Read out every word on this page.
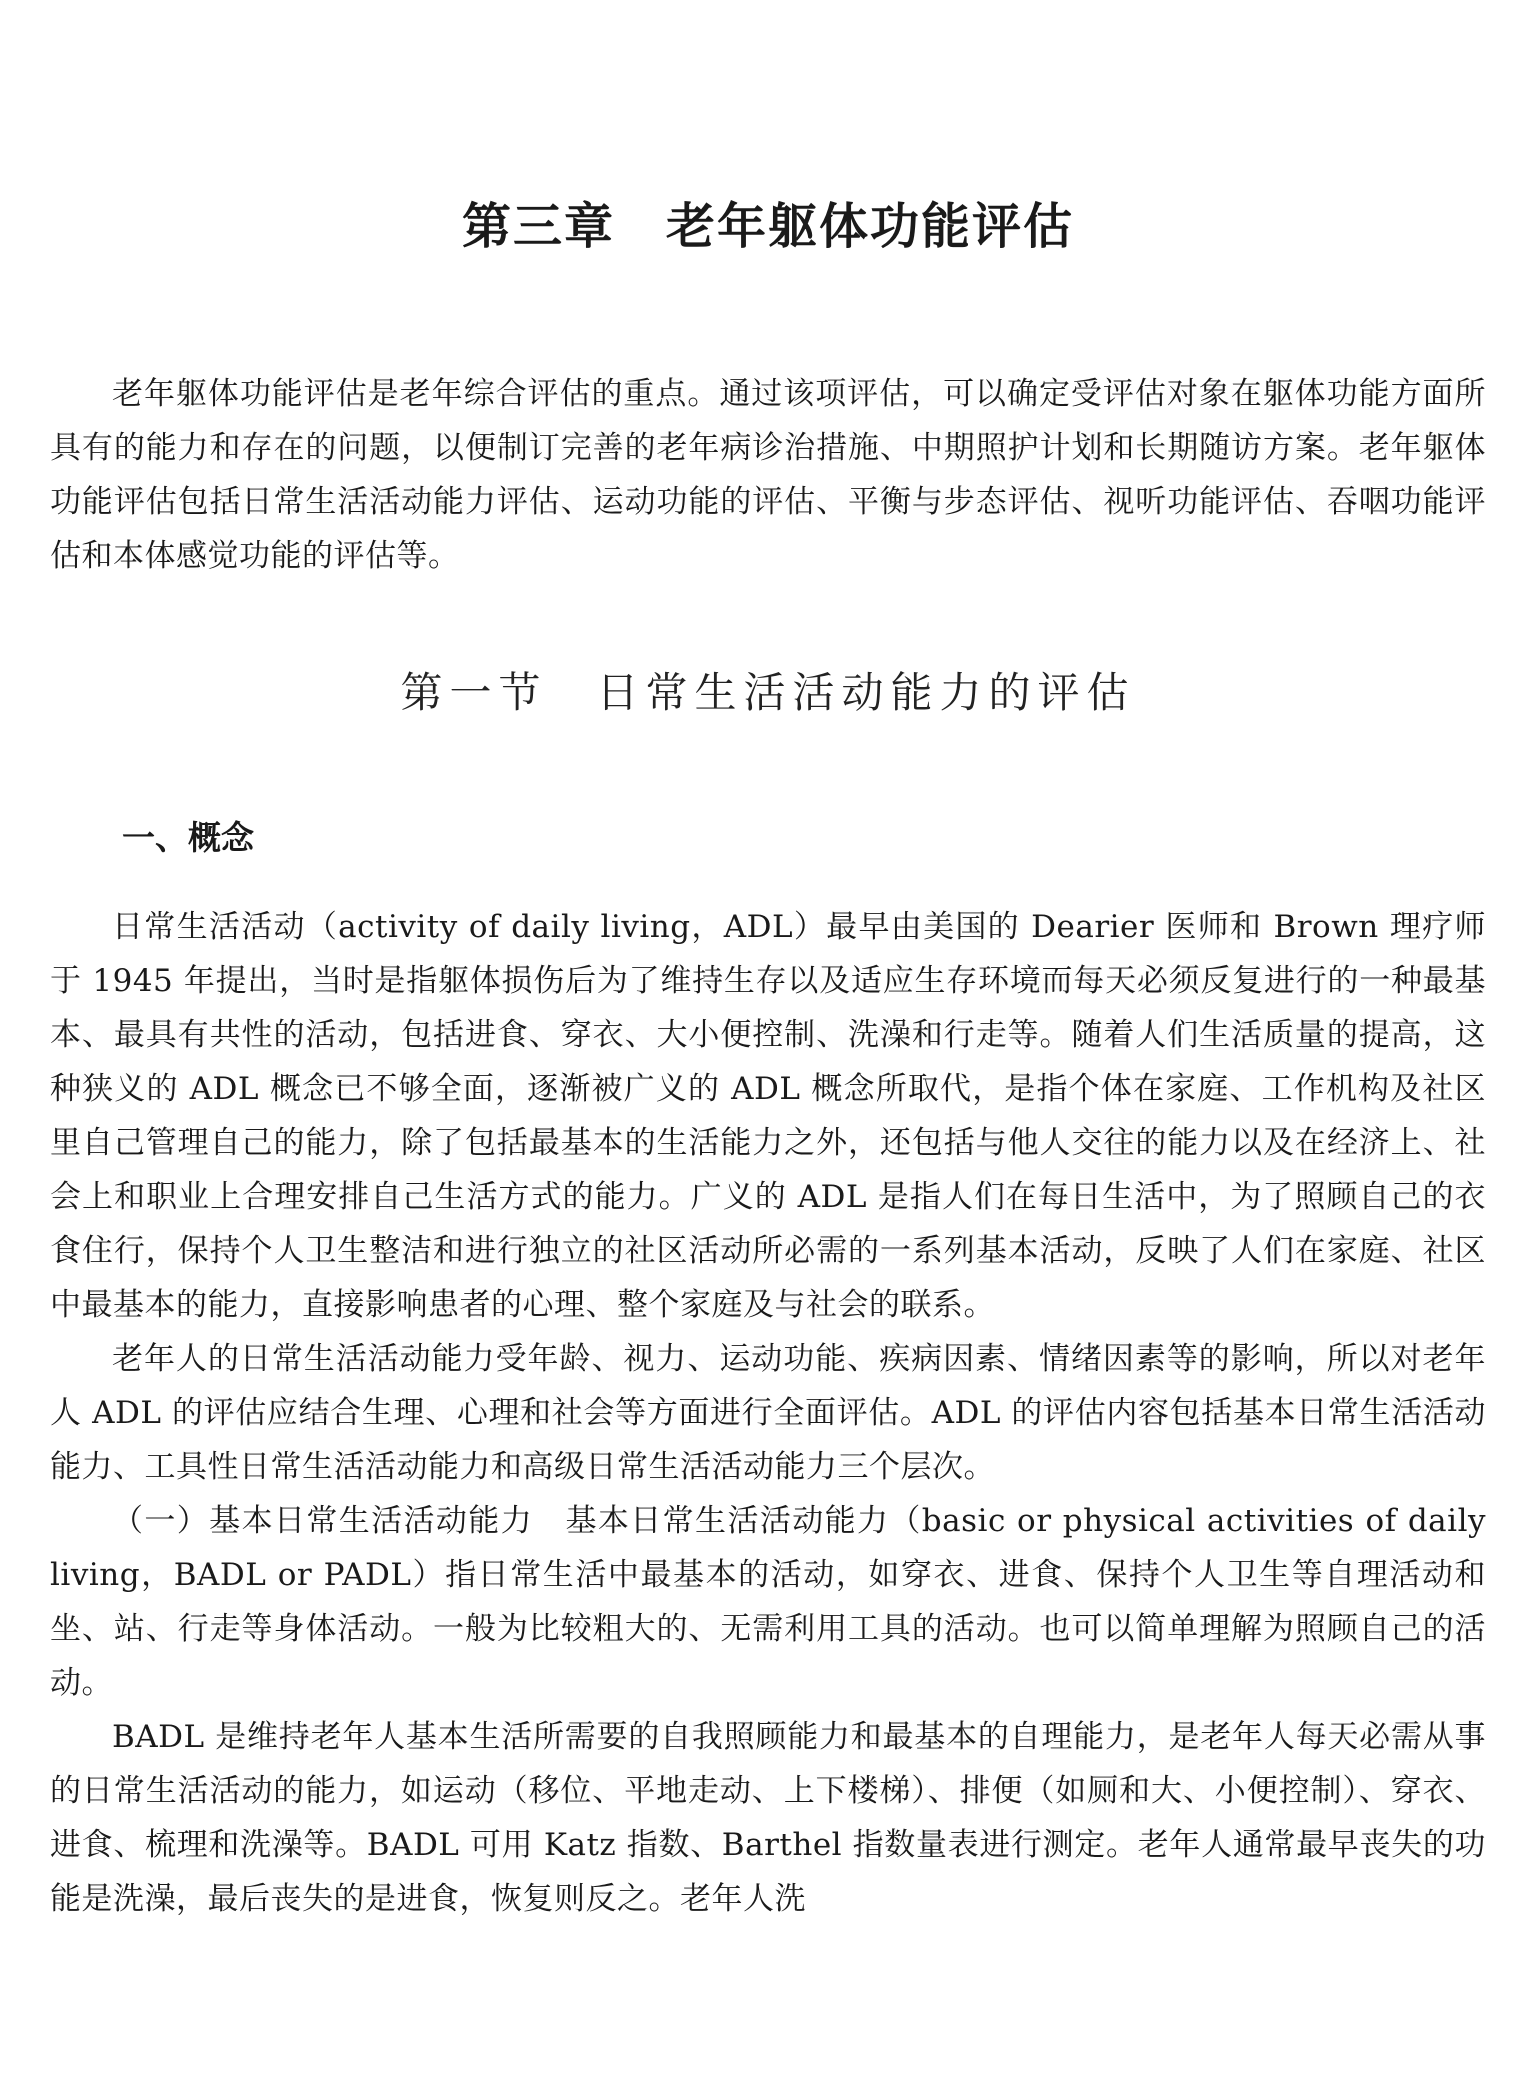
第三章　老年躯体功能评估

老年躯体功能评估是老年综合评估的重点。通过该项评估，可以确定受评估对象在躯体功能方面所具有的能力和存在的问题，以便制订完善的老年病诊治措施、中期照护计划和长期随访方案。老年躯体功能评估包括日常生活活动能力评估、运动功能的评估、平衡与步态评估、视听功能评估、吞咽功能评估和本体感觉功能的评估等。

第一节　日常生活活动能力的评估
一、概念

日常生活活动（activity of daily living，ADL）最早由美国的 Dearier 医师和 Brown 理疗师于 1945 年提出，当时是指躯体损伤后为了维持生存以及适应生存环境而每天必须反复进行的一种最基本、最具有共性的活动，包括进食、穿衣、大小便控制、洗澡和行走等。随着人们生活质量的提高，这种狭义的 ADL 概念已不够全面，逐渐被广义的 ADL 概念所取代，是指个体在家庭、工作机构及社区里自己管理自己的能力，除了包括最基本的生活能力之外，还包括与他人交往的能力以及在经济上、社会上和职业上合理安排自己生活方式的能力。广义的 ADL 是指人们在每日生活中，为了照顾自己的衣食住行，保持个人卫生整洁和进行独立的社区活动所必需的一系列基本活动，反映了人们在家庭、社区中最基本的能力，直接影响患者的心理、整个家庭及与社会的联系。

老年人的日常生活活动能力受年龄、视力、运动功能、疾病因素、情绪因素等的影响，所以对老年人 ADL 的评估应结合生理、心理和社会等方面进行全面评估。ADL 的评估内容包括基本日常生活活动能力、工具性日常生活活动能力和高级日常生活活动能力三个层次。

（一）基本日常生活活动能力　基本日常生活活动能力（basic or physical activities of daily living，BADL or PADL）指日常生活中最基本的活动，如穿衣、进食、保持个人卫生等自理活动和坐、站、行走等身体活动。一般为比较粗大的、无需利用工具的活动。也可以简单理解为照顾自己的活动。

BADL 是维持老年人基本生活所需要的自我照顾能力和最基本的自理能力，是老年人每天必需从事的日常生活活动的能力，如运动（移位、平地走动、上下楼梯）、排便（如厕和大、小便控制）、穿衣、进食、梳理和洗澡等。BADL 可用 Katz 指数、Barthel 指数量表进行测定。老年人通常最早丧失的功能是洗澡，最后丧失的是进食，恢复则反之。老年人洗
